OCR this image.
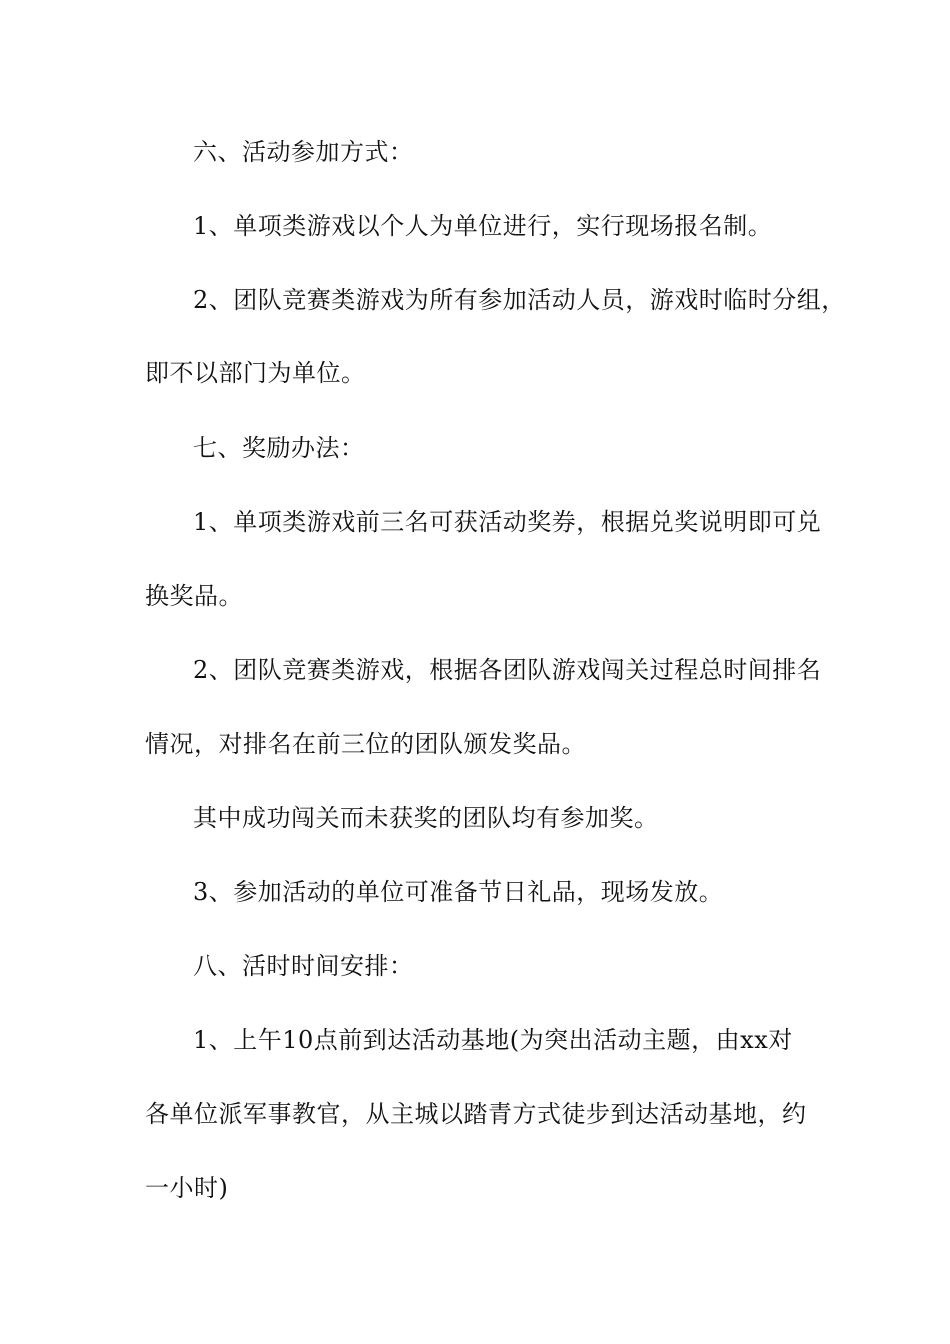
六、活动参加方式：
1、单项类游戏以个人为单位进行，实行现场报名制。
2、团队竞赛类游戏为所有参加活动人员，游戏时临时分组，
即不以部门为单位。
七、奖励办法：
1、单项类游戏前三名可获活动奖券，根据兑奖说明即可兑
换奖品。
2、团队竞赛类游戏，根据各团队游戏闯关过程总时间排名
情况，对排名在前三位的团队颁发奖品。
其中成功闯关而未获奖的团队均有参加奖。
3、参加活动的单位可准备节日礼品，现场发放。
八、活时时间安排：
1、上午10点前到达活动基地(为突出活动主题，由xx对
各单位派军事教官，从主城以踏青方式徒步到达活动基地，约
一小时)
